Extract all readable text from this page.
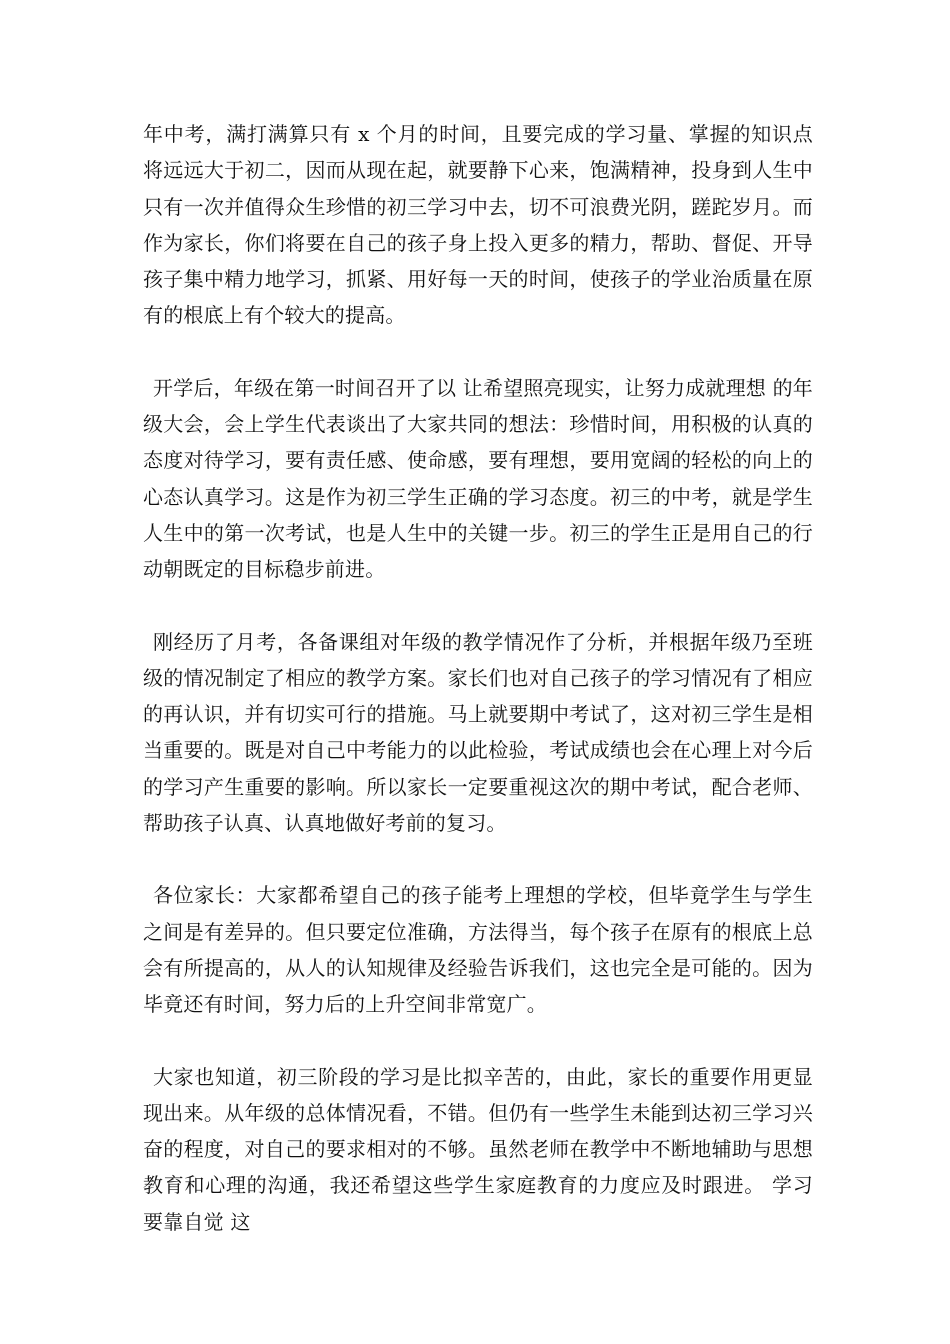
年中考，满打满算只有 x 个月的时间，且要完成的学习量、掌握的知识点将远远大于初二，因而从现在起，就要静下心来，饱满精神，投身到人生中只有一次并值得众生珍惜的初三学习中去，切不可浪费光阴，蹉跎岁月。而作为家长，你们将要在自己的孩子身上投入更多的精力，帮助、督促、开导孩子集中精力地学习，抓紧、用好每一天的时间，使孩子的学业治质量在原有的根底上有个较大的提高。

开学后，年级在第一时间召开了以 让希望照亮现实，让努力成就理想 的年级大会，会上学生代表谈出了大家共同的想法：珍惜时间，用积极的认真的态度对待学习，要有责任感、使命感，要有理想，要用宽阔的轻松的向上的心态认真学习。这是作为初三学生正确的学习态度。初三的中考，就是学生人生中的第一次考试，也是人生中的关键一步。初三的学生正是用自己的行动朝既定的目标稳步前进。

刚经历了月考，各备课组对年级的教学情况作了分析，并根据年级乃至班级的情况制定了相应的教学方案。家长们也对自己孩子的学习情况有了相应的再认识，并有切实可行的措施。马上就要期中考试了，这对初三学生是相当重要的。既是对自己中考能力的以此检验，考试成绩也会在心理上对今后的学习产生重要的影响。所以家长一定要重视这次的期中考试，配合老师、帮助孩子认真、认真地做好考前的复习。

各位家长：大家都希望自己的孩子能考上理想的学校，但毕竟学生与学生之间是有差异的。但只要定位准确，方法得当，每个孩子在原有的根底上总会有所提高的，从人的认知规律及经验告诉我们，这也完全是可能的。因为毕竟还有时间，努力后的上升空间非常宽广。

大家也知道，初三阶段的学习是比拟辛苦的，由此，家长的重要作用更显现出来。从年级的总体情况看，不错。但仍有一些学生未能到达初三学习兴奋的程度，对自己的要求相对的不够。虽然老师在教学中不断地辅助与思想教育和心理的沟通，我还希望这些学生家庭教育的力度应及时跟进。 学习要靠自觉 这
